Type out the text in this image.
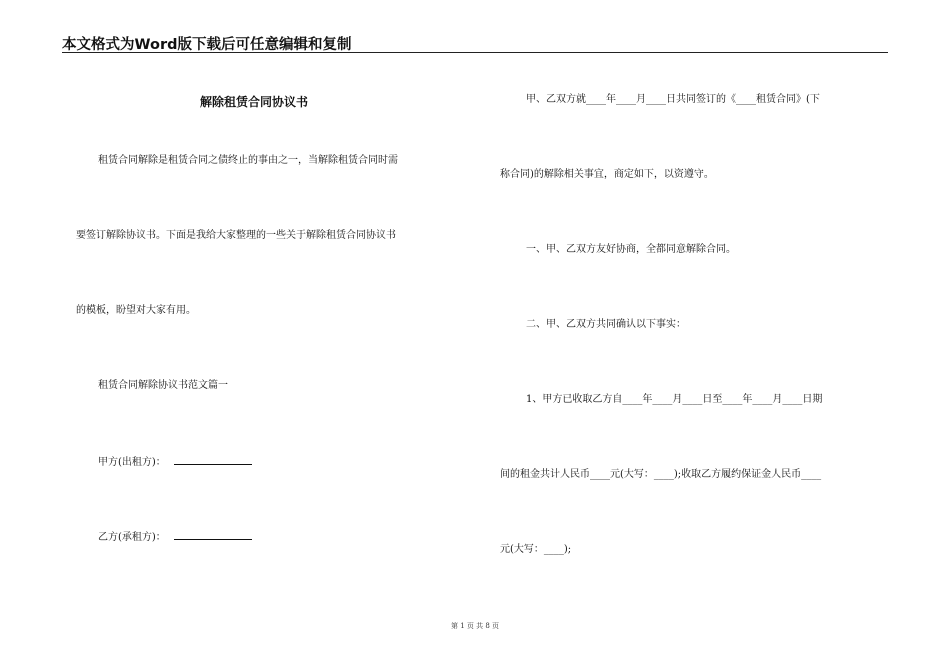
本文格式为Word版下载后可任意编辑和复制
解除租赁合同协议书
租赁合同解除是租赁合同之债终止的事由之一，当解除租赁合同时需
要签订解除协议书。下面是我给大家整理的一些关于解除租赁合同协议书
的模板，盼望对大家有用。
租赁合同解除协议书范文篇一
甲方(出租方)：
乙方(承租方)：
甲、乙双方就____年____月____日共同签订的《____租赁合同》(下
称合同)的解除相关事宜，商定如下，以资遵守。
一、甲、乙双方友好协商，全都同意解除合同。
二、甲、乙双方共同确认以下事实：
1、甲方已收取乙方自____年____月____日至____年____月____日期
间的租金共计人民币____元(大写：____);收取乙方履约保证金人民币____
元(大写：____);
第 1 页 共 8 页
